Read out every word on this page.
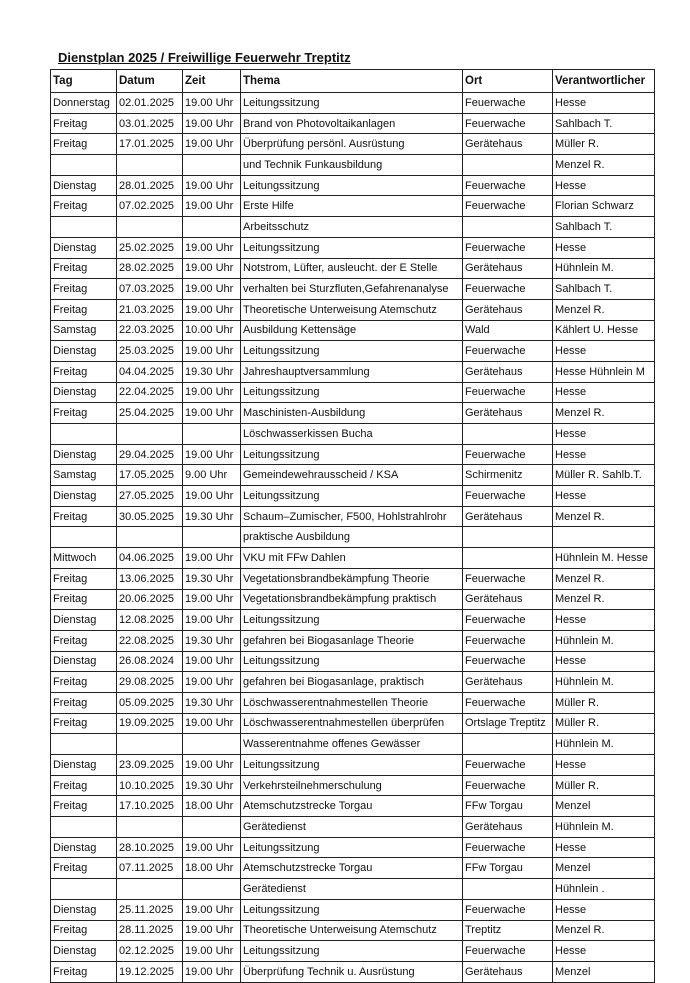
Dienstplan 2025 / Freiwillige Feuerwehr Treptitz
Tag	Datum	Zeit	Thema	Ort	Verantwortlicher
Donnerstag	02.01.2025	19.00 Uhr	Leitungssitzung	Feuerwache	Hesse
Freitag	03.01.2025	19.00 Uhr	Brand von Photovoltaikanlagen	Feuerwache	Sahlbach T.
Freitag	17.01.2025	19.00 Uhr	Überprüfung persönl. Ausrüstung	Gerätehaus	Müller R.
			und Technik Funkausbildung		Menzel R.
Dienstag	28.01.2025	19.00 Uhr	Leitungssitzung	Feuerwache	Hesse
Freitag	07.02.2025	19.00 Uhr	Erste Hilfe	Feuerwache	Florian Schwarz
			Arbeitsschutz		Sahlbach T.
Dienstag	25.02.2025	19.00 Uhr	Leitungssitzung	Feuerwache	Hesse
Freitag	28.02.2025	19.00 Uhr	Notstrom, Lüfter, ausleucht. der E Stelle	Gerätehaus	Hühnlein M.
Freitag	07.03.2025	19.00 Uhr	verhalten bei Sturzfluten,Gefahrenanalyse	Feuerwache	Sahlbach T.
Freitag	21.03.2025	19.00 Uhr	Theoretische Unterweisung Atemschutz	Gerätehaus	Menzel R.
Samstag	22.03.2025	10.00 Uhr	Ausbildung Kettensäge	Wald	Kählert U. Hesse
Dienstag	25.03.2025	19.00 Uhr	Leitungssitzung	Feuerwache	Hesse
Freitag	04.04.2025	19.30 Uhr	Jahreshauptversammlung	Gerätehaus	Hesse Hühnlein M
Dienstag	22.04.2025	19.00 Uhr	Leitungssitzung	Feuerwache	Hesse
Freitag	25.04.2025	19.00 Uhr	Maschinisten-Ausbildung	Gerätehaus	Menzel R.
			Löschwasserkissen Bucha		Hesse
Dienstag	29.04.2025	19.00 Uhr	Leitungssitzung	Feuerwache	Hesse
Samstag	17.05.2025	9.00 Uhr	Gemeindewehrausscheid / KSA	Schirmenitz	Müller R. Sahlb.T.
Dienstag	27.05.2025	19.00 Uhr	Leitungssitzung	Feuerwache	Hesse
Freitag	30.05.2025	19.30 Uhr	Schaum–Zumischer, F500, Hohlstrahlrohr	Gerätehaus	Menzel R.
			praktische Ausbildung		
Mittwoch	04.06.2025	19.00 Uhr	VKU mit FFw Dahlen		Hühnlein M. Hesse
Freitag	13.06.2025	19.30 Uhr	Vegetationsbrandbekämpfung Theorie	Feuerwache	Menzel R.
Freitag	20.06.2025	19.00 Uhr	Vegetationsbrandbekämpfung praktisch	Gerätehaus	Menzel R.
Dienstag	12.08.2025	19.00 Uhr	Leitungssitzung	Feuerwache	Hesse
Freitag	22.08.2025	19.30 Uhr	gefahren bei Biogasanlage Theorie	Feuerwache	Hühnlein M.
Dienstag	26.08.2024	19.00 Uhr	Leitungssitzung	Feuerwache	Hesse
Freitag	29.08.2025	19.00 Uhr	gefahren bei Biogasanlage, praktisch	Gerätehaus	Hühnlein M.
Freitag	05.09.2025	19.30 Uhr	Löschwasserentnahmestellen Theorie	Feuerwache	Müller R.
Freitag	19.09.2025	19.00 Uhr	Löschwasserentnahmestellen überprüfen	Ortslage Treptitz	Müller R.
			Wasserentnahme offenes Gewässer		Hühnlein M.
Dienstag	23.09.2025	19.00 Uhr	Leitungssitzung	Feuerwache	Hesse
Freitag	10.10.2025	19.30 Uhr	Verkehrsteilnehmerschulung	Feuerwache	Müller R.
Freitag	17.10.2025	18.00 Uhr	Atemschutzstrecke Torgau	FFw Torgau	Menzel
			Gerätedienst	Gerätehaus	Hühnlein M.
Dienstag	28.10.2025	19.00 Uhr	Leitungssitzung	Feuerwache	Hesse
Freitag	07.11.2025	18.00 Uhr	Atemschutzstrecke Torgau	FFw Torgau	Menzel
			Gerätedienst		Hühnlein .
Dienstag	25.11.2025	19.00 Uhr	Leitungssitzung	Feuerwache	Hesse
Freitag	28.11.2025	19.00 Uhr	Theoretische Unterweisung Atemschutz	Treptitz	Menzel R.
Dienstag	02.12.2025	19.00 Uhr	Leitungssitzung	Feuerwache	Hesse
Freitag	19.12.2025	19.00 Uhr	Überprüfung Technik u. Ausrüstung	Gerätehaus	Menzel
